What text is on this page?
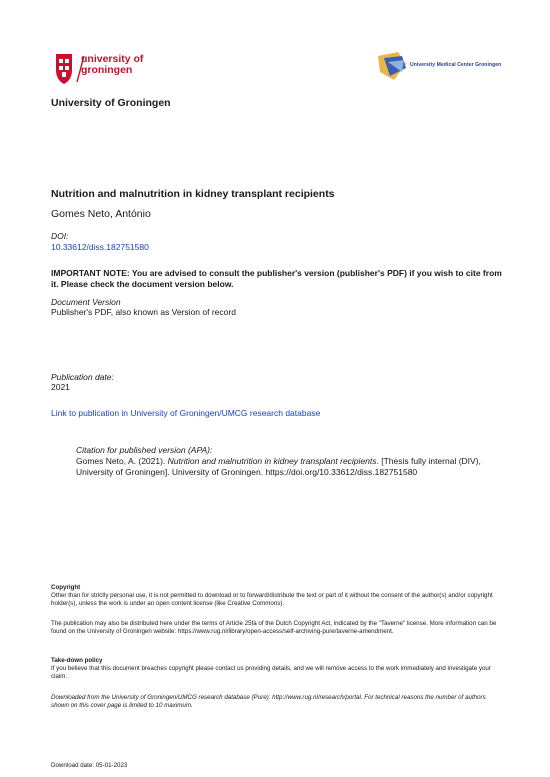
university of
groningen	University Medical Center Groningen
University of Groningen
Nutrition and malnutrition in kidney transplant recipients
Gomes Neto, António
DOI:
10.33612/diss.182751580
IMPORTANT NOTE: You are advised to consult the publisher's version (publisher's PDF) if you wish to cite from it. Please check the document version below.
Document Version
Publisher's PDF, also known as Version of record
Publication date:
2021
Link to publication in University of Groningen/UMCG research database
Citation for published version (APA):
Gomes Neto, A. (2021). Nutrition and malnutrition in kidney transplant recipients. [Thesis fully internal (DIV), University of Groningen]. University of Groningen. https://doi.org/10.33612/diss.182751580
Copyright
Other than for strictly personal use, it is not permitted to download or to forward/distribute the text or part of it without the consent of the author(s) and/or copyright holder(s), unless the work is under an open content license (like Creative Commons).
The publication may also be distributed here under the terms of Article 25fa of the Dutch Copyright Act, indicated by the "Taverne" license. More information can be found on the University of Groningen website: https://www.rug.nl/library/open-access/self-archiving-pure/taverne-amendment.
Take-down policy
If you believe that this document breaches copyright please contact us providing details, and we will remove access to the work immediately and investigate your claim.
Downloaded from the University of Groningen/UMCG research database (Pure): http://www.rug.nl/research/portal. For technical reasons the number of authors shown on this cover page is limited to 10 maximum.
Download date: 05-01-2023
